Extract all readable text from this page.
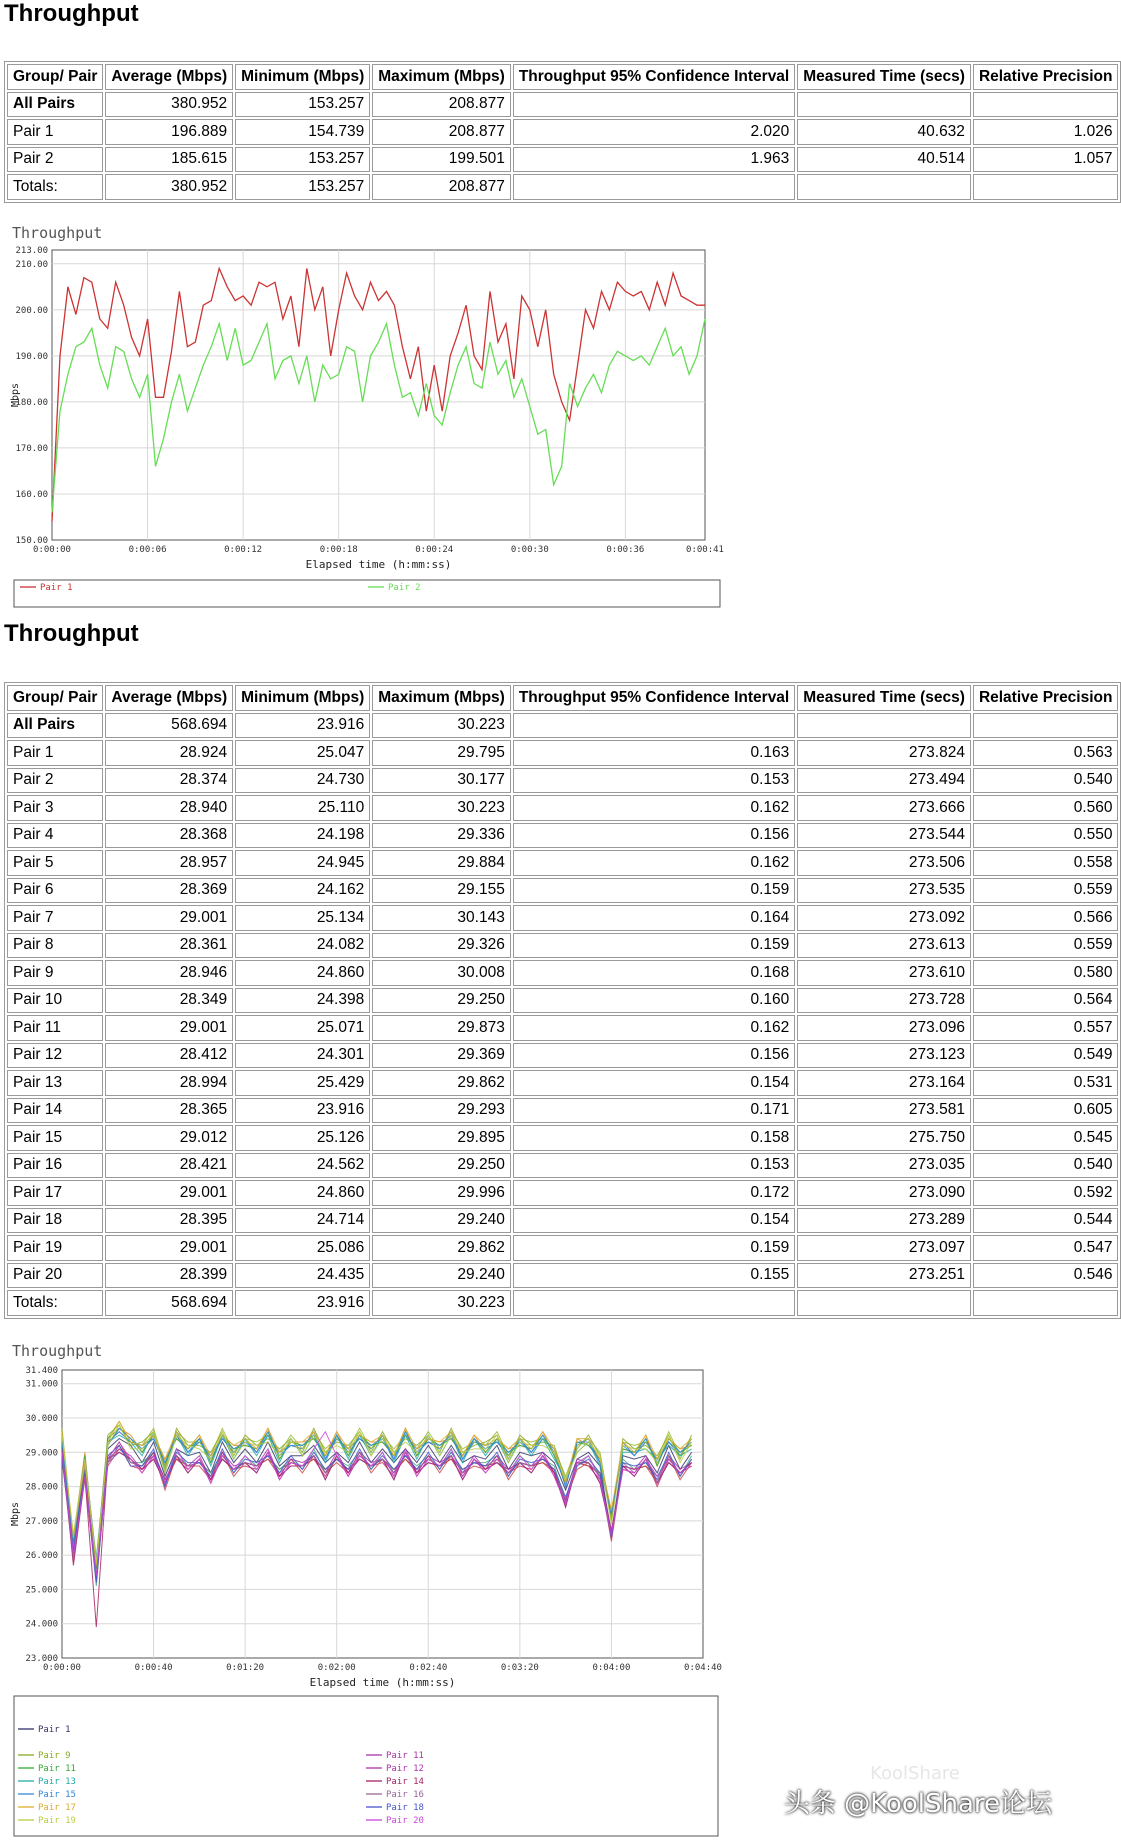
Throughput
Group/ Pair	Average (Mbps)	Minimum (Mbps)	Maximum (Mbps)	Throughput 95% Confidence Interval	Measured Time (secs)	Relative Precision
All Pairs	380.952	153.257	208.877			
Pair 1	196.889	154.739	208.877	2.020	40.632	1.026
Pair 2	185.615	153.257	199.501	1.963	40.514	1.057
Totals:	380.952	153.257	208.877			
Throughput
0:00:00	0:00:06	0:00:12	0:00:18	0:00:24	0:00:30	0:00:36	0:00:41
150.00
160.00
170.00
180.00
190.00
200.00
210.00
213.00
Elapsed time (h:mm:ss)
Mbps
Pair 1	Pair 2
Throughput
Group/ Pair	Average (Mbps)	Minimum (Mbps)	Maximum (Mbps)	Throughput 95% Confidence Interval	Measured Time (secs)	Relative Precision
All Pairs	568.694	23.916	30.223			
Pair 1	28.924	25.047	29.795	0.163	273.824	0.563
Pair 2	28.374	24.730	30.177	0.153	273.494	0.540
Pair 3	28.940	25.110	30.223	0.162	273.666	0.560
Pair 4	28.368	24.198	29.336	0.156	273.544	0.550
Pair 5	28.957	24.945	29.884	0.162	273.506	0.558
Pair 6	28.369	24.162	29.155	0.159	273.535	0.559
Pair 7	29.001	25.134	30.143	0.164	273.092	0.566
Pair 8	28.361	24.082	29.326	0.159	273.613	0.559
Pair 9	28.946	24.860	30.008	0.168	273.610	0.580
Pair 10	28.349	24.398	29.250	0.160	273.728	0.564
Pair 11	29.001	25.071	29.873	0.162	273.096	0.557
Pair 12	28.412	24.301	29.369	0.156	273.123	0.549
Pair 13	28.994	25.429	29.862	0.154	273.164	0.531
Pair 14	28.365	23.916	29.293	0.171	273.581	0.605
Pair 15	29.012	25.126	29.895	0.158	275.750	0.545
Pair 16	28.421	24.562	29.250	0.153	273.035	0.540
Pair 17	29.001	24.860	29.996	0.172	273.090	0.592
Pair 18	28.395	24.714	29.240	0.154	273.289	0.544
Pair 19	29.001	25.086	29.862	0.159	273.097	0.547
Pair 20	28.399	24.435	29.240	0.155	273.251	0.546
Totals:	568.694	23.916	30.223			
Throughput
0:00:00	0:00:40	0:01:20	0:02:00	0:02:40	0:03:20	0:04:00	0:04:40
23.000
24.000
25.000
26.000
27.000
28.000
29.000
30.000
31.000
31.400
Elapsed time (h:mm:ss)
Mbps
Pair 1
Pair 9
Pair 11
Pair 13
Pair 15
Pair 17
Pair 19
Pair 11
Pair 12
Pair 14
Pair 16
Pair 18
Pair 20
KoolShare
头条 @KoolShare论坛
